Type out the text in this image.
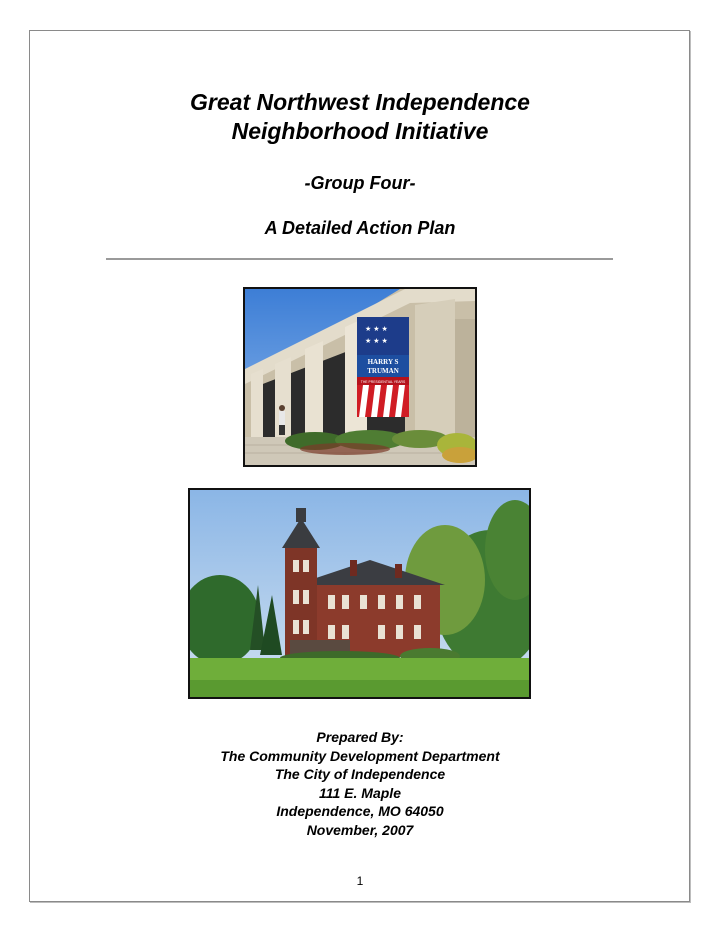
Great Northwest Independence
Neighborhood Initiative
-Group Four-
A Detailed Action Plan
★ ★ ★
★ ★ ★
HARRY S
TRUMAN
THE PRESIDENTIAL YEARS
Prepared By:
The Community Development Department
The City of Independence
111 E. Maple
Independence, MO 64050
November, 2007
1
